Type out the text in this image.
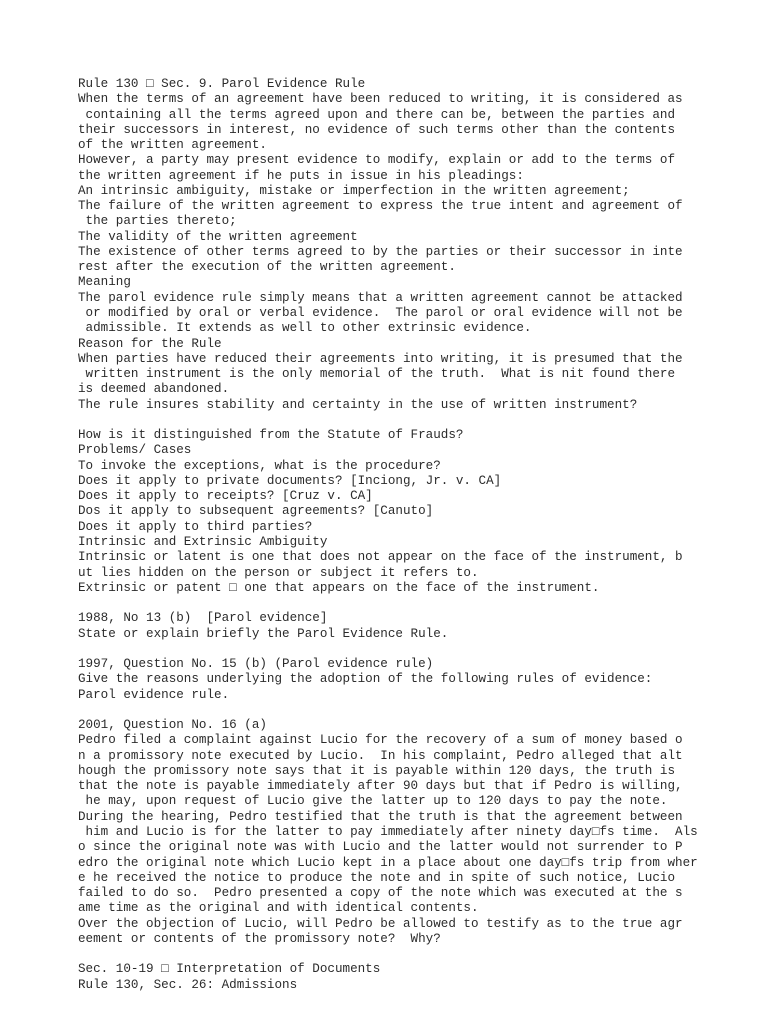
Rule 130 □ Sec. 9. Parol Evidence Rule
When the terms of an agreement have been reduced to writing, it is considered as
containing all the terms agreed upon and there can be, between the parties and
their successors in interest, no evidence of such terms other than the contents
of the written agreement.
However, a party may present evidence to modify, explain or add to the terms of
the written agreement if he puts in issue in his pleadings:
An intrinsic ambiguity, mistake or imperfection in the written agreement;
The failure of the written agreement to express the true intent and agreement of
the parties thereto;
The validity of the written agreement
The existence of other terms agreed to by the parties or their successor in inte
rest after the execution of the written agreement.
Meaning
The parol evidence rule simply means that a written agreement cannot be attacked
or modified by oral or verbal evidence.  The parol or oral evidence will not be
admissible. It extends as well to other extrinsic evidence.
Reason for the Rule
When parties have reduced their agreements into writing, it is presumed that the
written instrument is the only memorial of the truth.  What is nit found there
is deemed abandoned.
The rule insures stability and certainty in the use of written instrument?
How is it distinguished from the Statute of Frauds?
Problems/ Cases
To invoke the exceptions, what is the procedure?
Does it apply to private documents? [Inciong, Jr. v. CA]
Does it apply to receipts? [Cruz v. CA]
Dos it apply to subsequent agreements? [Canuto]
Does it apply to third parties?
Intrinsic and Extrinsic Ambiguity
Intrinsic or latent is one that does not appear on the face of the instrument, b
ut lies hidden on the person or subject it refers to.
Extrinsic or patent □ one that appears on the face of the instrument.
1988, No 13 (b)  [Parol evidence]
State or explain briefly the Parol Evidence Rule.
1997, Question No. 15 (b) (Parol evidence rule)
Give the reasons underlying the adoption of the following rules of evidence:
Parol evidence rule.
2001, Question No. 16 (a)
Pedro filed a complaint against Lucio for the recovery of a sum of money based o
n a promissory note executed by Lucio.  In his complaint, Pedro alleged that alt
hough the promissory note says that it is payable within 120 days, the truth is
that the note is payable immediately after 90 days but that if Pedro is willing,
he may, upon request of Lucio give the latter up to 120 days to pay the note.
During the hearing, Pedro testified that the truth is that the agreement between
him and Lucio is for the latter to pay immediately after ninety day□fs time.  Als
o since the original note was with Lucio and the latter would not surrender to P
edro the original note which Lucio kept in a place about one day□fs trip from wher
e he received the notice to produce the note and in spite of such notice, Lucio
failed to do so.  Pedro presented a copy of the note which was executed at the s
ame time as the original and with identical contents.
Over the objection of Lucio, will Pedro be allowed to testify as to the true agr
eement or contents of the promissory note?  Why?
Sec. 10-19 □ Interpretation of Documents
Rule 130, Sec. 26: Admissions
